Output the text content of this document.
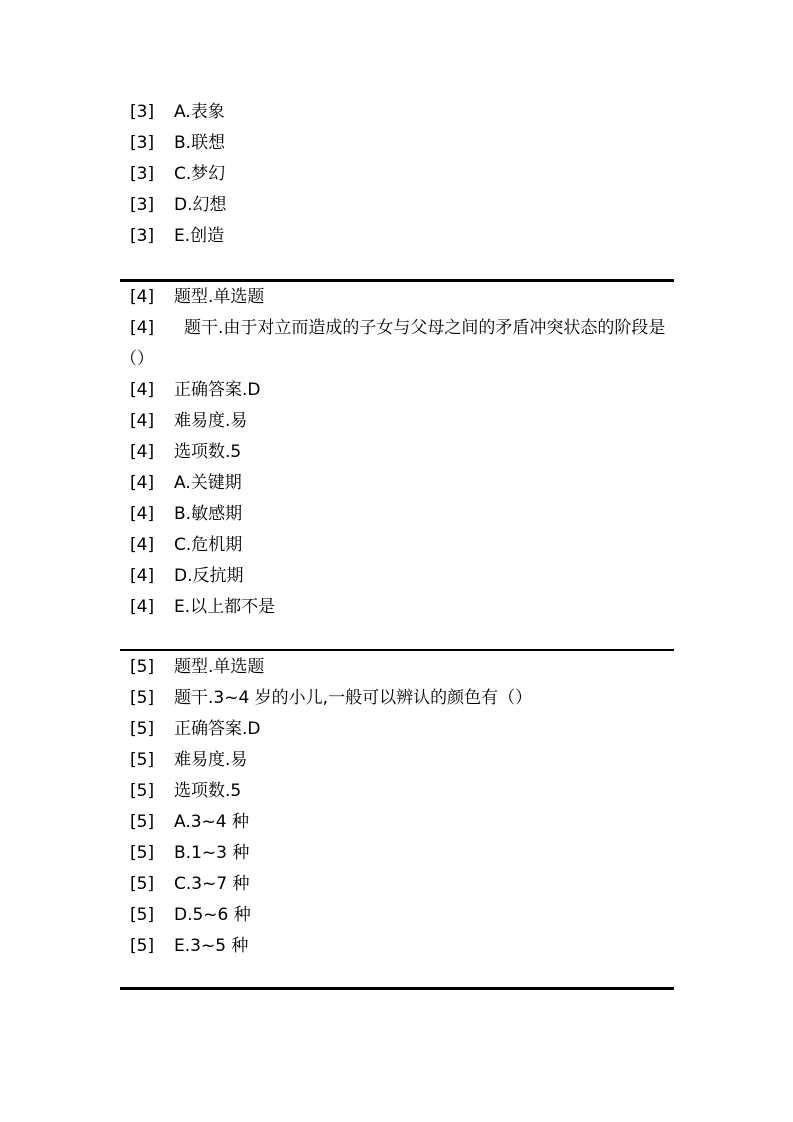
[3]	A.表象
[3]	B.联想
[3]	C.梦幻
[3]	D.幻想
[3]	E.创造
[4]	题型.单选题
[4] 题干.由于对立而造成的子女与父母之间的矛盾冲突状态的阶段是（）
[4]	正确答案.D
[4]	难易度.易
[4]	选项数.5
[4]	A.关键期
[4]	B.敏感期
[4]	C.危机期
[4]	D.反抗期
[4]	E.以上都不是
[5]	题型.单选题
[5]	题干.3~4 岁的小儿,一般可以辨认的颜色有（）
[5]	正确答案.D
[5]	难易度.易
[5]	选项数.5
[5]	A.3~4 种
[5]	B.1~3 种
[5]	C.3~7 种
[5]	D.5~6 种
[5]	E.3~5 种
